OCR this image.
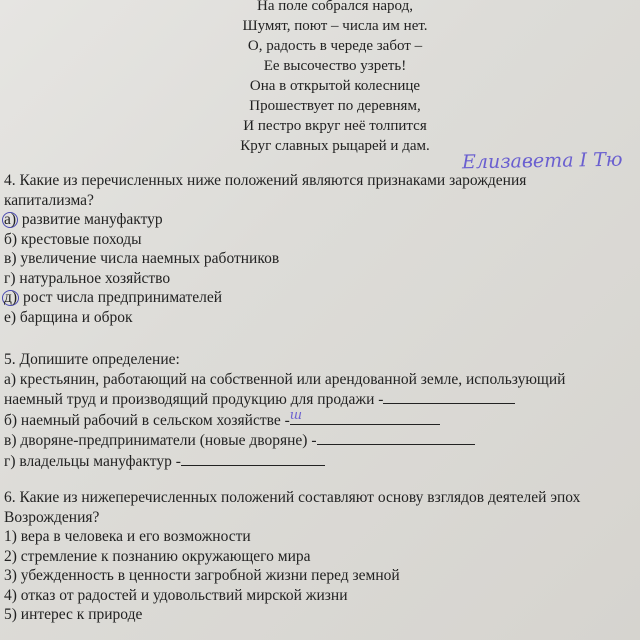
На поле собрался народ,
Шумят, поют – числа им нет.
О, радость в череде забот –
Ее высочество узреть!
Она в открытой колеснице
Прошествует по деревням,
И пестро вкруг неё толпится
Круг славных рыцарей и дам.
Елизавета I Тю
4. Какие из перечисленных ниже положений являются признаками зарождения
капитализма?
а) развитие мануфактур
б) крестовые походы
в) увеличение числа наемных работников
г) натуральное хозяйство
д) рост числа предпринимателей
е) барщина и оброк
5. Допишите определение:
а) крестьянин, работающий на собственной или арендованной земле, использующий
наемный труд и производящий продукцию для продажи -
б) наемный рабочий в сельском хозяйстве - ш
в) дворяне-предприниматели (новые дворяне) -
г) владельцы мануфактур -
6. Какие из нижеперечисленных положений составляют основу взглядов деятелей эпох
Возрождения?
1) вера в человека и его возможности
2) стремление к познанию окружающего мира
3) убежденность в ценности загробной жизни перед земной
4) отказ от радостей и удовольствий мирской жизни
5) интерес к природе
